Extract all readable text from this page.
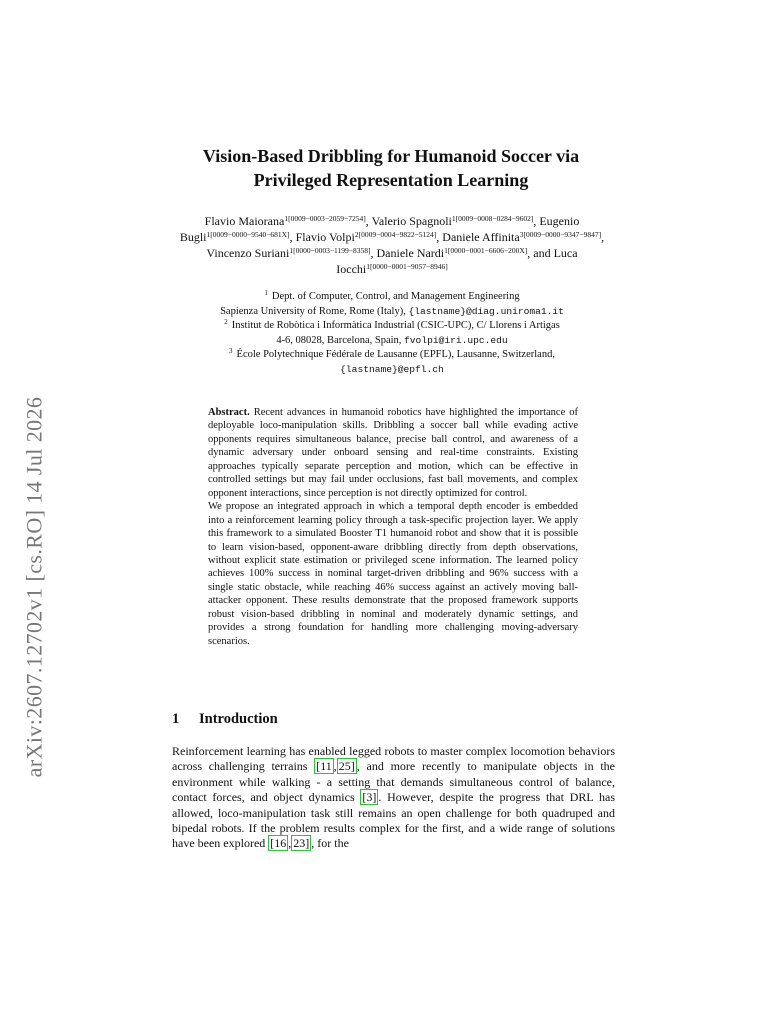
arXiv:2607.12702v1 [cs.RO] 14 Jul 2026
Vision-Based Dribbling for Humanoid Soccer via
Privileged Representation Learning
Flavio Maiorana$^{1[0009-0003-2059-7254]}$, Valerio Spagnoli$^{1[0009-0008-0284-9602]}$, Eugenio Bugli$^{1[0009-0000-9540-681X]}$, Flavio Volpi$^{2[0009-0004-9822-5124]}$, Daniele Affinita$^{3[0009-0000-9347-9847]}$, Vincenzo Suriani$^{1[0000-0003-1199-8358]}$, Daniele Nardi$^{1[0000-0001-6606-200X]}$, and Luca Iocchi$^{1[0000-0001-9057-8946]}$
$^1$ Dept. of Computer, Control, and Management Engineering
Sapienza University of Rome, Rome (Italy), {lastname}@diag.uniroma1.it
$^2$ Institut de Robòtica i Informàtica Industrial (CSIC-UPC), C/ Llorens i Artigas
4-6, 08028, Barcelona, Spain, fvolpi@iri.upc.edu
$^3$ École Polytechnique Fédérale de Lausanne (EPFL), Lausanne, Switzerland,
{lastname}@epfl.ch

Abstract. Recent advances in humanoid robotics have highlighted the importance of deployable loco-manipulation skills. Dribbling a soccer ball while evading active opponents requires simultaneous balance, precise ball control, and awareness of a dynamic adversary under onboard sensing and real-time constraints. Existing approaches typically separate perception and motion, which can be effective in controlled settings but may fail under occlusions, fast ball movements, and complex opponent interactions, since perception is not directly optimized for control.

We propose an integrated approach in which a temporal depth encoder is embedded into a reinforcement learning policy through a task-specific projection layer. We apply this framework to a simulated Booster T1 humanoid robot and show that it is possible to learn vision-based, opponent-aware dribbling directly from depth observations, without explicit state estimation or privileged scene information. The learned policy achieves 100% success in nominal target-driven dribbling and 96% success with a single static obstacle, while reaching 46% success against an actively moving ball-attacker opponent. These results demonstrate that the proposed framework supports robust vision-based dribbling in nominal and moderately dynamic settings, and provides a strong foundation for handling more challenging moving-adversary scenarios.

1 Introduction

Reinforcement learning has enabled legged robots to master complex locomotion behaviors across challenging terrains [11 , 25] , and more recently to manipulate objects in the environment while walking - a setting that demands simultaneous control of balance, contact forces, and object dynamics [3] . However, despite the progress that DRL has allowed, loco-manipulation task still remains an open challenge for both quadruped and bipedal robots. If the problem results complex for the first, and a wide range of solutions have been explored [16 , 23] , for the
